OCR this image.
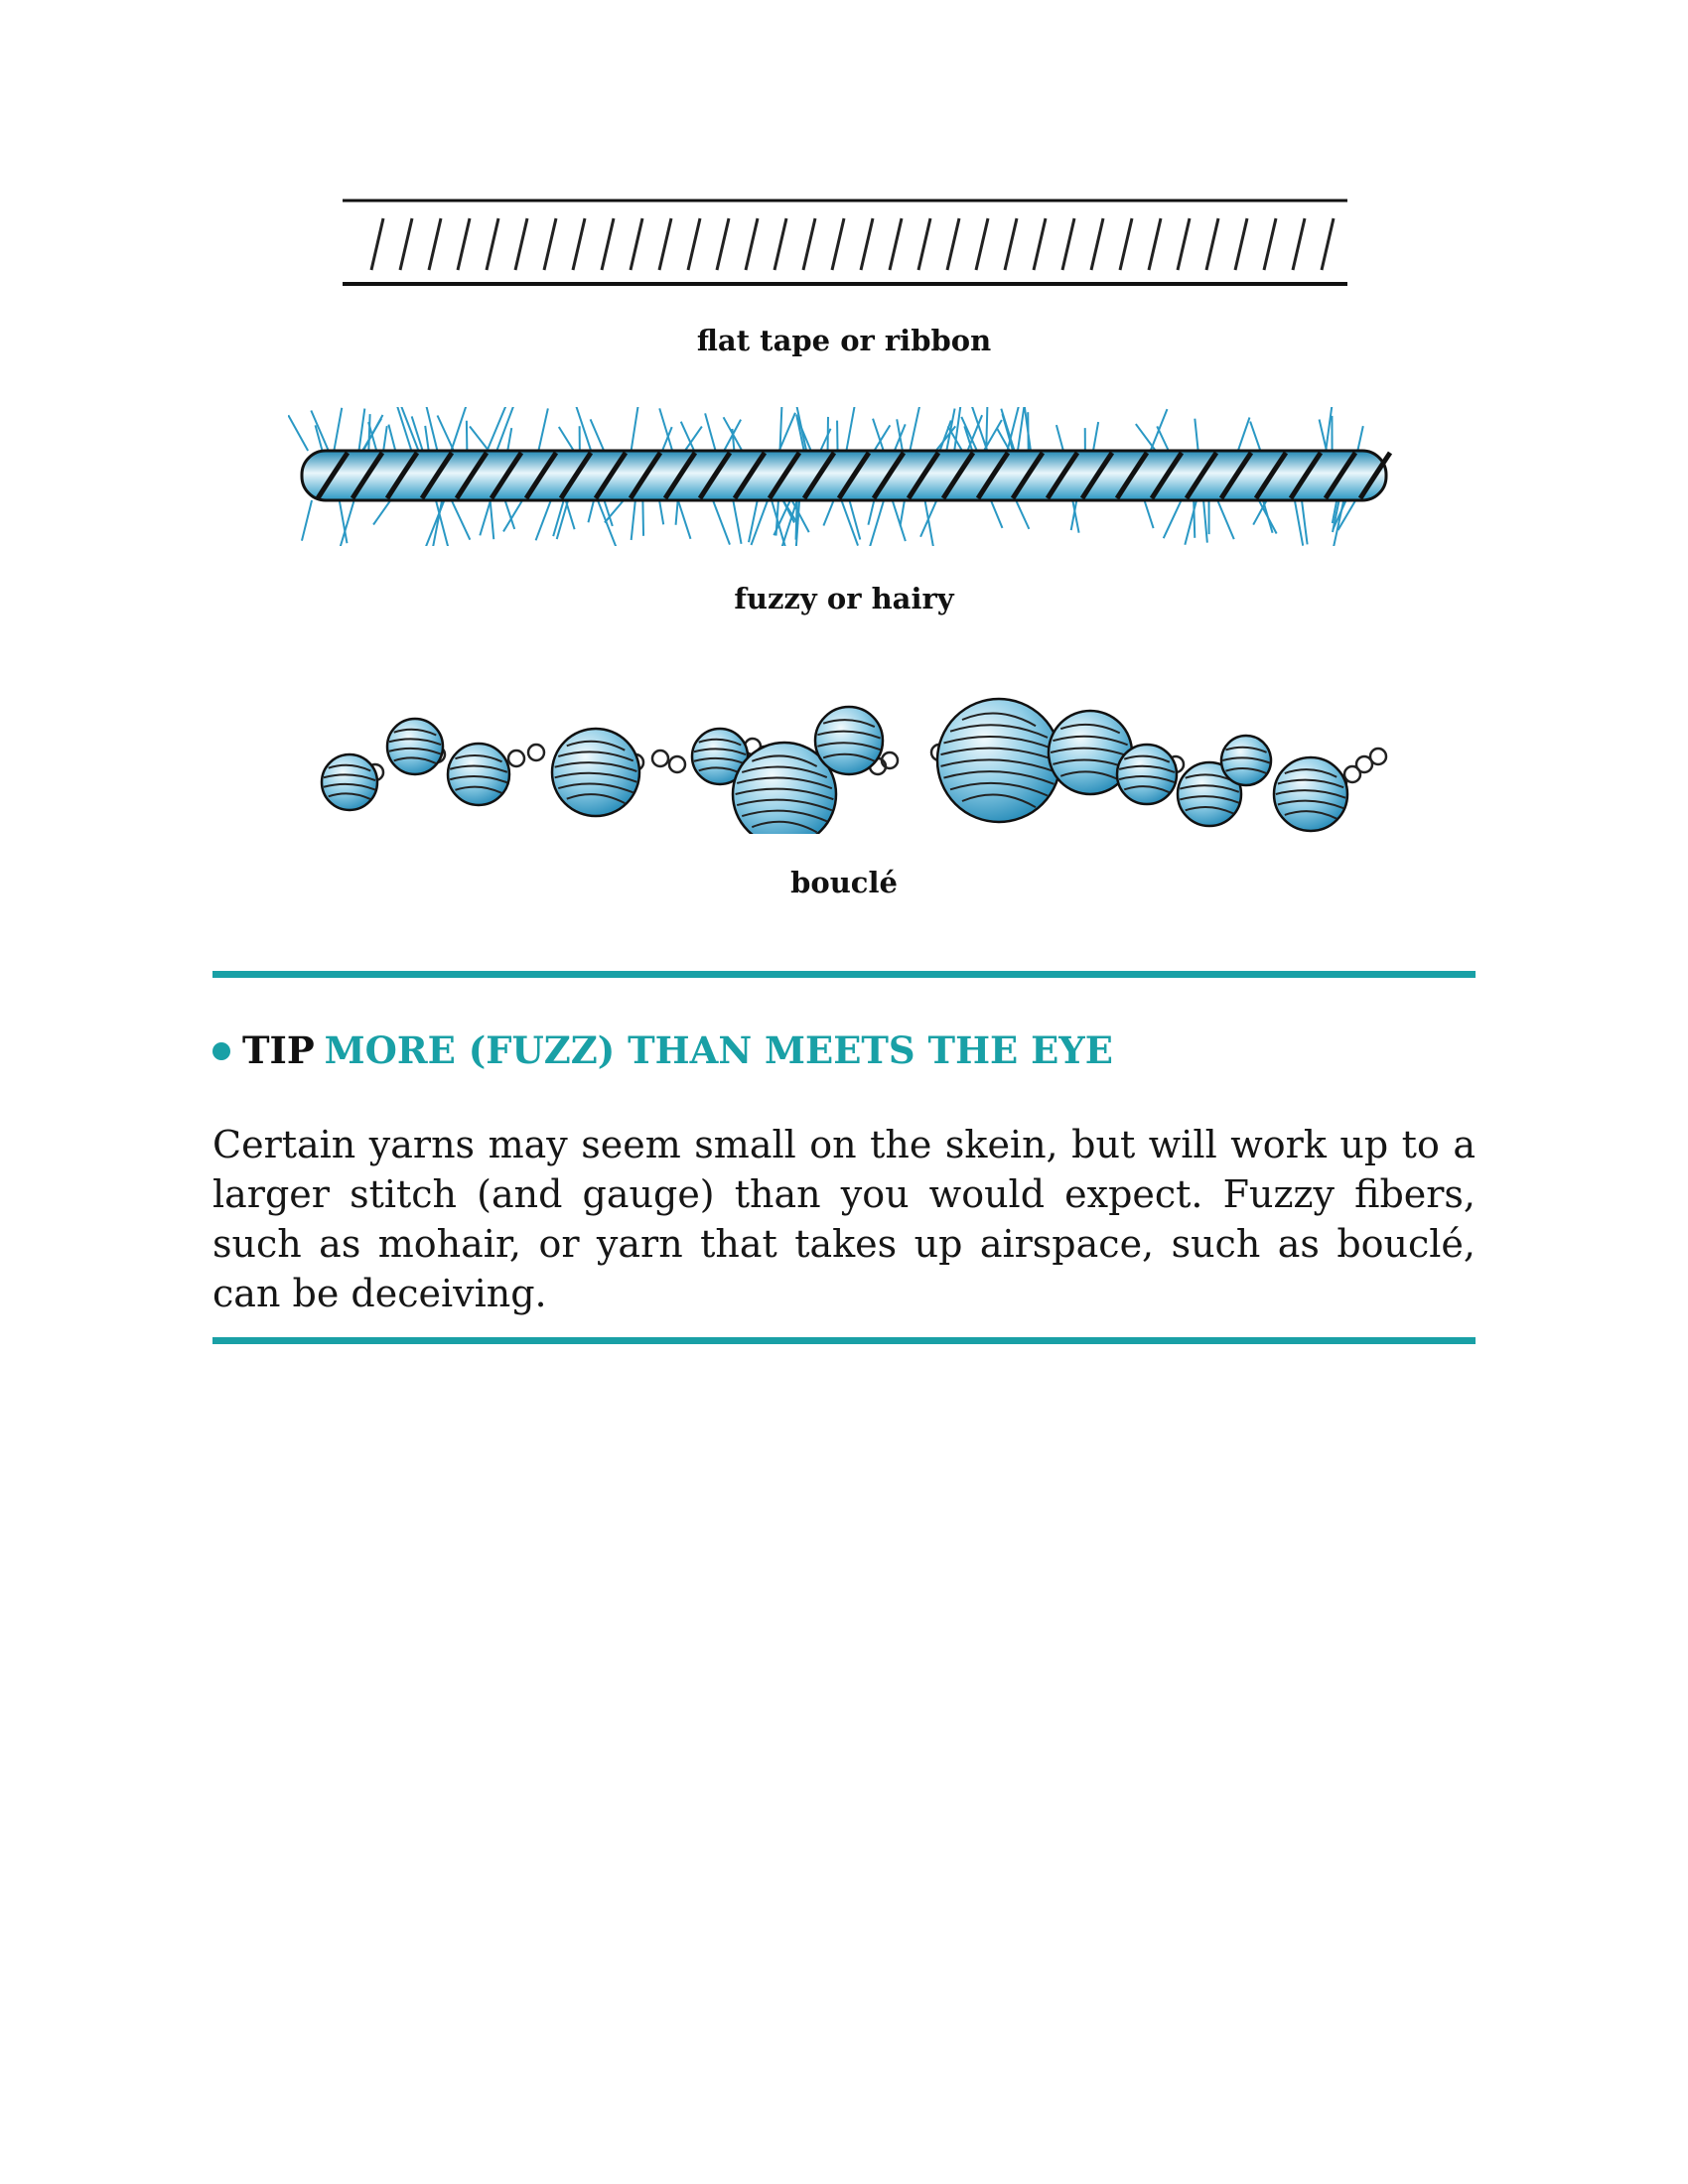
flat tape or ribbon
fuzzy or hairy
bouclé
TIP MORE (FUZZ) THAN MEETS THE EYE
Certain yarns may seem small on the skein, but will work up to a larger stitch (and gauge) than you would expect. Fuzzy fibers, such as mohair, or yarn that takes up airspace, such as bouclé, can be deceiving.
